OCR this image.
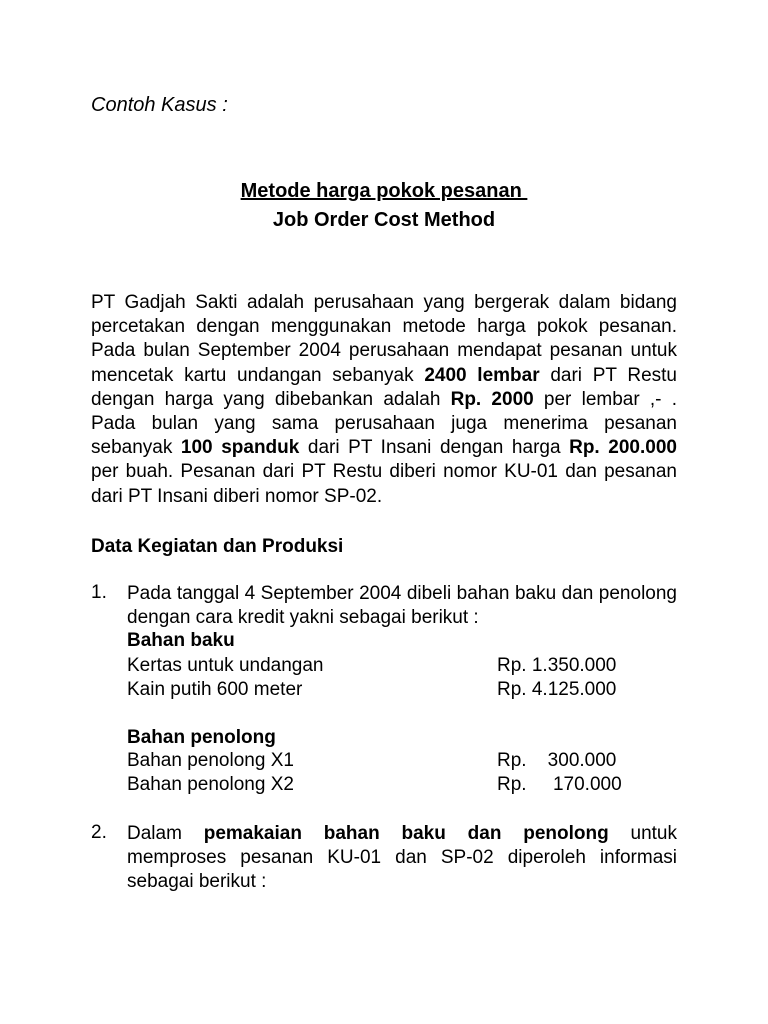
Contoh Kasus :

Metode harga pokok pesanan
Job Order Cost Method

PT Gadjah Sakti adalah perusahaan yang bergerak dalam bidang percetakan dengan menggunakan metode harga pokok pesanan. Pada bulan September 2004 perusahaan mendapat pesanan untuk mencetak kartu undangan sebanyak 2400 lembar dari PT Restu dengan harga yang dibebankan adalah Rp. 2000 per lembar ,- . Pada bulan yang sama perusahaan juga menerima pesanan sebanyak 100 spanduk dari PT Insani dengan harga Rp. 200.000 per buah. Pesanan dari PT Restu diberi nomor KU-01 dan pesanan dari PT Insani diberi nomor SP-02.

Data Kegiatan dan Produksi

1. Pada tanggal 4 September 2004 dibeli bahan baku dan penolong dengan cara kredit yakni sebagai berikut :
Bahan baku
Kertas untuk undangan	Rp. 1.350.000
Kain putih 600 meter	Rp. 4.125.000
Bahan penolong
Bahan penolong X1	Rp.    300.000
Bahan penolong X2	Rp.     170.000
2. Dalam pemakaian bahan baku dan penolong untuk memproses pesanan KU-01 dan SP-02 diperoleh informasi sebagai berikut :
